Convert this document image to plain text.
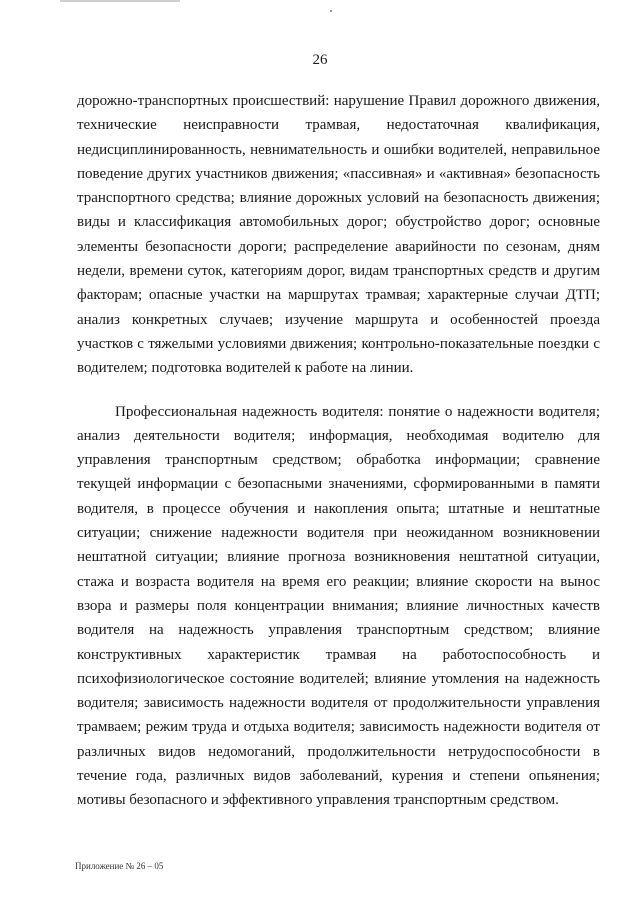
26

дорожно-транспортных происшествий: нарушение Правил дорожного движения, технические неисправности трамвая, недостаточная квалификация, недисциплинированность, невнимательность и ошибки водителей, неправильное поведение других участников движения; «пассивная» и «активная» безопасность транспортного средства; влияние дорожных условий на безопасность движения; виды и классификация автомобильных дорог; обустройство дорог; основные элементы безопасности дороги; распределение аварийности по сезонам, дням недели, времени суток, категориям дорог, видам транспортных средств и другим факторам; опасные участки на маршрутах трамвая; характерные случаи ДТП; анализ конкретных случаев; изучение маршрута и особенностей проезда участков с тяжелыми условиями движения; контрольно-показательные поездки с водителем; подготовка водителей к работе на линии.

Профессиональная надежность водителя: понятие о надежности водителя; анализ деятельности водителя; информация, необходимая водителю для управления транспортным средством; обработка информации; сравнение текущей информации с безопасными значениями, сформированными в памяти водителя, в процессе обучения и накопления опыта; штатные и нештатные ситуации; снижение надежности водителя при неожиданном возникновении нештатной ситуации; влияние прогноза возникновения нештатной ситуации, стажа и возраста водителя на время его реакции; влияние скорости на вынос взора и размеры поля концентрации внимания; влияние личностных качеств водителя на надежность управления транспортным средством; влияние конструктивных характеристик трамвая на работоспособность и психофизиологическое состояние водителей; влияние утомления на надежность водителя; зависимость надежности водителя от продолжительности управления трамваем; режим труда и отдыха водителя; зависимость надежности водителя от различных видов недомоганий, продолжительности нетрудоспособности в течение года, различных видов заболеваний, курения и степени опьянения; мотивы безопасного и эффективного управления транспортным средством.

Приложение № 26 – 05
